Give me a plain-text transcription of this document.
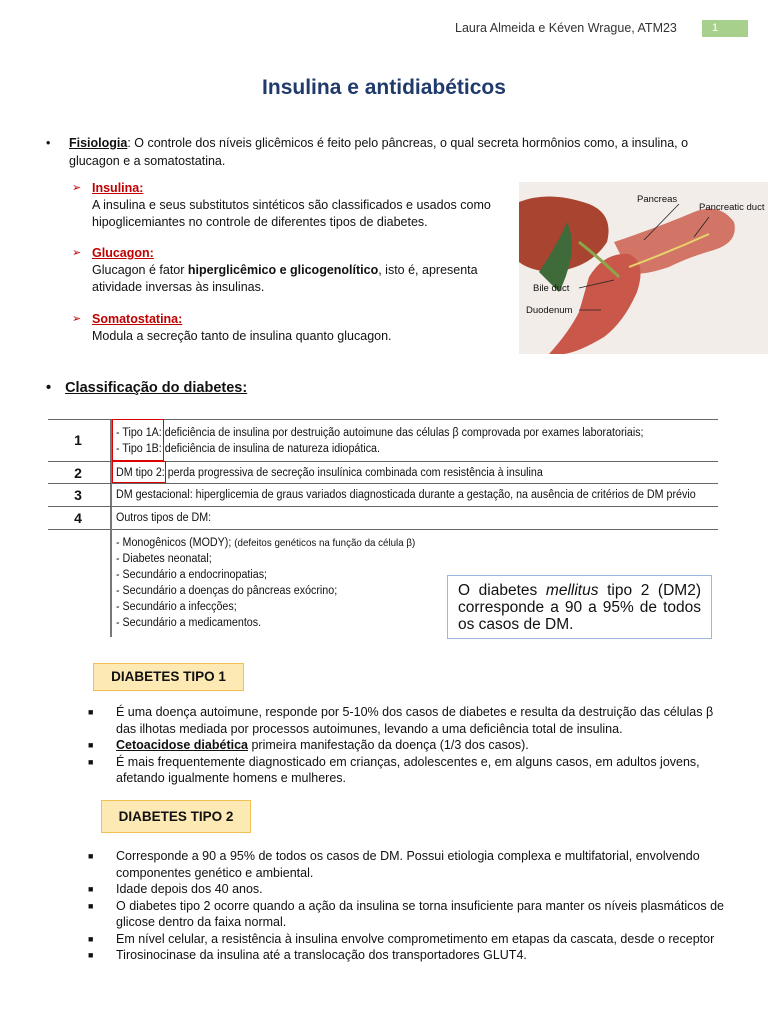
Laura Almeida e Kéven Wrague, ATM23	1
Insulina e antidiabéticos
• Fisiologia: O controle dos níveis glicêmicos é feito pelo pâncreas, o qual secreta hormônios como, a insulina, o glucagon e a somatostatina.
➢ Insulina:
A insulina e seus substitutos sintéticos são classificados e usados como hipoglicemiantes no controle de diferentes tipos de diabetes.
➢ Glucagon:
Glucagon é fator hiperglicêmico e glicogenolítico, isto é, apresenta atividade inversas às insulinas.
➢ Somatostatina:
Modula a secreção tanto de insulina quanto glucagon.
Pancreas
Pancreatic duct
Bile duct
Duodenum
• Classificação do diabetes:
1	- Tipo 1A: deficiência de insulina por destruição autoimune das células β comprovada por exames laboratoriais;
- Tipo 1B: deficiência de insulina de natureza idiopática.
2	DM tipo 2: perda progressiva de secreção insulínica combinada com resistência à insulina
3	DM gestacional: hiperglicemia de graus variados diagnosticada durante a gestação, na ausência de critérios de DM prévio
4	Outros tipos de DM:
- Monogênicos (MODY); (defeitos genéticos na função da célula β)
- Diabetes neonatal;
- Secundário a endocrinopatias;
- Secundário a doenças do pâncreas exócrino;
- Secundário a infecções;
- Secundário a medicamentos.
O diabetes mellitus tipo 2 (DM2) corresponde a 90 a 95% de todos os casos de DM.
DIABETES TIPO 1
■ É uma doença autoimune, responde por 5-10% dos casos de diabetes e resulta da destruição das células β das ilhotas mediada por processos autoimunes, levando a uma deficiência total de insulina.
■ Cetoacidose diabética primeira manifestação da doença (1/3 dos casos).
■ É mais frequentemente diagnosticado em crianças, adolescentes e, em alguns casos, em adultos jovens, afetando igualmente homens e mulheres.
DIABETES TIPO 2
■ Corresponde a 90 a 95% de todos os casos de DM. Possui etiologia complexa e multifatorial, envolvendo componentes genético e ambiental.
■ Idade depois dos 40 anos.
■ O diabetes tipo 2 ocorre quando a ação da insulina se torna insuficiente para manter os níveis plasmáticos de glicose dentro da faixa normal.
■ Em nível celular, a resistência à insulina envolve comprometimento em etapas da cascata, desde o receptor
■ Tirosinocinase da insulina até a translocação dos transportadores GLUT4.
